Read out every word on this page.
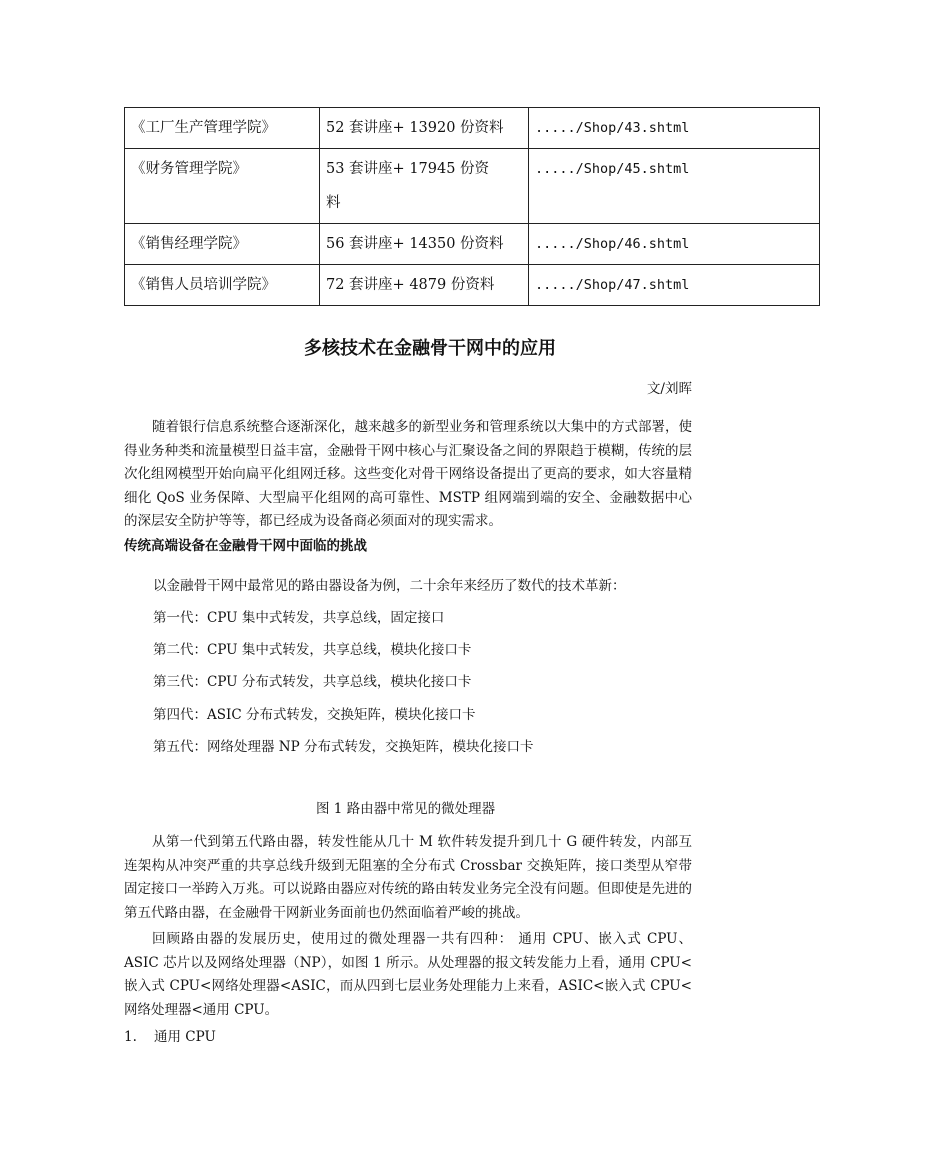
《工厂生产管理学院》	52 套讲座+ 13920 份资料	...../Shop/43.shtml
《财务管理学院》	53 套讲座+ 17945 份资料	...../Shop/45.shtml
《销售经理学院》	56 套讲座+ 14350 份资料	...../Shop/46.shtml
《销售人员培训学院》	72 套讲座+ 4879 份资料	...../Shop/47.shtml
多核技术在金融骨干网中的应用
文/刘晖

随着银行信息系统整合逐渐深化，越来越多的新型业务和管理系统以大集中的方式部署，使得业务种类和流量模型日益丰富，金融骨干网中核心与汇聚设备之间的界限趋于模糊，传统的层次化组网模型开始向扁平化组网迁移。这些变化对骨干网络设备提出了更高的要求，如大容量精细化 QoS 业务保障、大型扁平化组网的高可靠性、MSTP 组网端到端的安全、金融数据中心的深层安全防护等等，都已经成为设备商必须面对的现实需求。

传统高端设备在金融骨干网中面临的挑战
以金融骨干网中最常见的路由器设备为例，二十余年来经历了数代的技术革新：
第一代：CPU 集中式转发，共享总线，固定接口
第二代：CPU 集中式转发，共享总线，模块化接口卡
第三代：CPU 分布式转发，共享总线，模块化接口卡
第四代：ASIC 分布式转发，交换矩阵，模块化接口卡
第五代：网络处理器 NP 分布式转发，交换矩阵，模块化接口卡
图 1 路由器中常见的微处理器

从第一代到第五代路由器，转发性能从几十 M 软件转发提升到几十 G 硬件转发，内部互连架构从冲突严重的共享总线升级到无阻塞的全分布式 Crossbar 交换矩阵，接口类型从窄带固定接口一举跨入万兆。可以说路由器应对传统的路由转发业务完全没有问题。但即使是先进的第五代路由器，在金融骨干网新业务面前也仍然面临着严峻的挑战。

回顾路由器的发展历史，使用过的微处理器一共有四种： 通用 CPU、嵌入式 CPU、ASIC 芯片以及网络处理器（NP），如图 1 所示。从处理器的报文转发能力上看，通用 CPU<嵌入式 CPU<网络处理器<ASIC，而从四到七层业务处理能力上来看，ASIC<嵌入式 CPU<网络处理器<通用 CPU。

1. 通用 CPU
